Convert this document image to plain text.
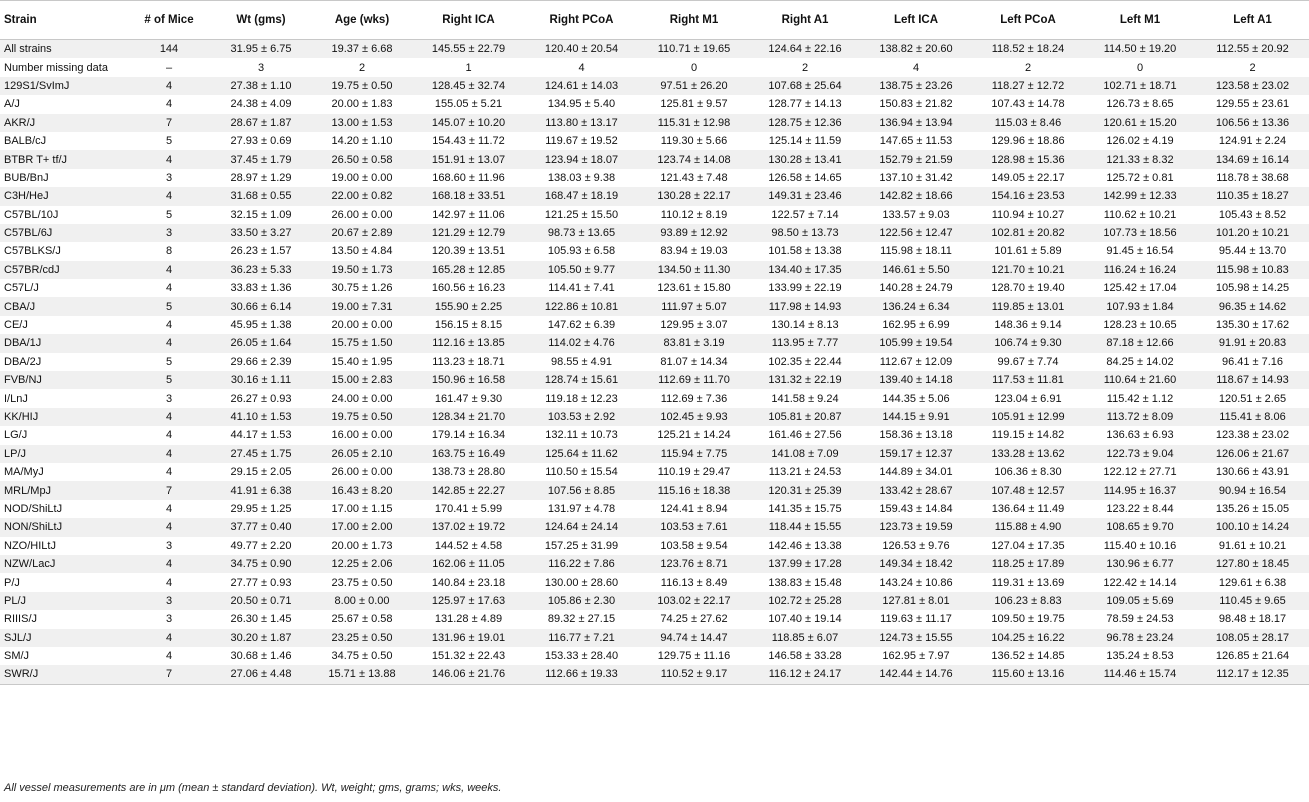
Strain	# of Mice	Wt (gms)	Age (wks)	Right ICA	Right PCoA	Right M1	Right A1	Left ICA	Left PCoA	Left M1	Left A1
All strains	144	31.95 ± 6.75	19.37 ± 6.68	145.55 ± 22.79	120.40 ± 20.54	110.71 ± 19.65	124.64 ± 22.16	138.82 ± 20.60	118.52 ± 18.24	114.50 ± 19.20	112.55 ± 20.92
Number missing data	–	3	2	1	4	0	2	4	2	0	2
129S1/SvImJ	4	27.38 ± 1.10	19.75 ± 0.50	128.45 ± 32.74	124.61 ± 14.03	97.51 ± 26.20	107.68 ± 25.64	138.75 ± 23.26	118.27 ± 12.72	102.71 ± 18.71	123.58 ± 23.02
A/J	4	24.38 ± 4.09	20.00 ± 1.83	155.05 ± 5.21	134.95 ± 5.40	125.81 ± 9.57	128.77 ± 14.13	150.83 ± 21.82	107.43 ± 14.78	126.73 ± 8.65	129.55 ± 23.61
AKR/J	7	28.67 ± 1.87	13.00 ± 1.53	145.07 ± 10.20	113.80 ± 13.17	115.31 ± 12.98	128.75 ± 12.36	136.94 ± 13.94	115.03 ± 8.46	120.61 ± 15.20	106.56 ± 13.36
BALB/cJ	5	27.93 ± 0.69	14.20 ± 1.10	154.43 ± 11.72	119.67 ± 19.52	119.30 ± 5.66	125.14 ± 11.59	147.65 ± 11.53	129.96 ± 18.86	126.02 ± 4.19	124.91 ± 2.24
BTBR T+ tf/J	4	37.45 ± 1.79	26.50 ± 0.58	151.91 ± 13.07	123.94 ± 18.07	123.74 ± 14.08	130.28 ± 13.41	152.79 ± 21.59	128.98 ± 15.36	121.33 ± 8.32	134.69 ± 16.14
BUB/BnJ	3	28.97 ± 1.29	19.00 ± 0.00	168.60 ± 11.96	138.03 ± 9.38	121.43 ± 7.48	126.58 ± 14.65	137.10 ± 31.42	149.05 ± 22.17	125.72 ± 0.81	118.78 ± 38.68
C3H/HeJ	4	31.68 ± 0.55	22.00 ± 0.82	168.18 ± 33.51	168.47 ± 18.19	130.28 ± 22.17	149.31 ± 23.46	142.82 ± 18.66	154.16 ± 23.53	142.99 ± 12.33	110.35 ± 18.27
C57BL/10J	5	32.15 ± 1.09	26.00 ± 0.00	142.97 ± 11.06	121.25 ± 15.50	110.12 ± 8.19	122.57 ± 7.14	133.57 ± 9.03	110.94 ± 10.27	110.62 ± 10.21	105.43 ± 8.52
C57BL/6J	3	33.50 ± 3.27	20.67 ± 2.89	121.29 ± 12.79	98.73 ± 13.65	93.89 ± 12.92	98.50 ± 13.73	122.56 ± 12.47	102.81 ± 20.82	107.73 ± 18.56	101.20 ± 10.21
C57BLKS/J	8	26.23 ± 1.57	13.50 ± 4.84	120.39 ± 13.51	105.93 ± 6.58	83.94 ± 19.03	101.58 ± 13.38	115.98 ± 18.11	101.61 ± 5.89	91.45 ± 16.54	95.44 ± 13.70
C57BR/cdJ	4	36.23 ± 5.33	19.50 ± 1.73	165.28 ± 12.85	105.50 ± 9.77	134.50 ± 11.30	134.40 ± 17.35	146.61 ± 5.50	121.70 ± 10.21	116.24 ± 16.24	115.98 ± 10.83
C57L/J	4	33.83 ± 1.36	30.75 ± 1.26	160.56 ± 16.23	114.41 ± 7.41	123.61 ± 15.80	133.99 ± 22.19	140.28 ± 24.79	128.70 ± 19.40	125.42 ± 17.04	105.98 ± 14.25
CBA/J	5	30.66 ± 6.14	19.00 ± 7.31	155.90 ± 2.25	122.86 ± 10.81	111.97 ± 5.07	117.98 ± 14.93	136.24 ± 6.34	119.85 ± 13.01	107.93 ± 1.84	96.35 ± 14.62
CE/J	4	45.95 ± 1.38	20.00 ± 0.00	156.15 ± 8.15	147.62 ± 6.39	129.95 ± 3.07	130.14 ± 8.13	162.95 ± 6.99	148.36 ± 9.14	128.23 ± 10.65	135.30 ± 17.62
DBA/1J	4	26.05 ± 1.64	15.75 ± 1.50	112.16 ± 13.85	114.02 ± 4.76	83.81 ± 3.19	113.95 ± 7.77	105.99 ± 19.54	106.74 ± 9.30	87.18 ± 12.66	91.91 ± 20.83
DBA/2J	5	29.66 ± 2.39	15.40 ± 1.95	113.23 ± 18.71	98.55 ± 4.91	81.07 ± 14.34	102.35 ± 22.44	112.67 ± 12.09	99.67 ± 7.74	84.25 ± 14.02	96.41 ± 7.16
FVB/NJ	5	30.16 ± 1.11	15.00 ± 2.83	150.96 ± 16.58	128.74 ± 15.61	112.69 ± 11.70	131.32 ± 22.19	139.40 ± 14.18	117.53 ± 11.81	110.64 ± 21.60	118.67 ± 14.93
I/LnJ	3	26.27 ± 0.93	24.00 ± 0.00	161.47 ± 9.30	119.18 ± 12.23	112.69 ± 7.36	141.58 ± 9.24	144.35 ± 5.06	123.04 ± 6.91	115.42 ± 1.12	120.51 ± 2.65
KK/HIJ	4	41.10 ± 1.53	19.75 ± 0.50	128.34 ± 21.70	103.53 ± 2.92	102.45 ± 9.93	105.81 ± 20.87	144.15 ± 9.91	105.91 ± 12.99	113.72 ± 8.09	115.41 ± 8.06
LG/J	4	44.17 ± 1.53	16.00 ± 0.00	179.14 ± 16.34	132.11 ± 10.73	125.21 ± 14.24	161.46 ± 27.56	158.36 ± 13.18	119.15 ± 14.82	136.63 ± 6.93	123.38 ± 23.02
LP/J	4	27.45 ± 1.75	26.05 ± 2.10	163.75 ± 16.49	125.64 ± 11.62	115.94 ± 7.75	141.08 ± 7.09	159.17 ± 12.37	133.28 ± 13.62	122.73 ± 9.04	126.06 ± 21.67
MA/MyJ	4	29.15 ± 2.05	26.00 ± 0.00	138.73 ± 28.80	110.50 ± 15.54	110.19 ± 29.47	113.21 ± 24.53	144.89 ± 34.01	106.36 ± 8.30	122.12 ± 27.71	130.66 ± 43.91
MRL/MpJ	7	41.91 ± 6.38	16.43 ± 8.20	142.85 ± 22.27	107.56 ± 8.85	115.16 ± 18.38	120.31 ± 25.39	133.42 ± 28.67	107.48 ± 12.57	114.95 ± 16.37	90.94 ± 16.54
NOD/ShiLtJ	4	29.95 ± 1.25	17.00 ± 1.15	170.41 ± 5.99	131.97 ± 4.78	124.41 ± 8.94	141.35 ± 15.75	159.43 ± 14.84	136.64 ± 11.49	123.22 ± 8.44	135.26 ± 15.05
NON/ShiLtJ	4	37.77 ± 0.40	17.00 ± 2.00	137.02 ± 19.72	124.64 ± 24.14	103.53 ± 7.61	118.44 ± 15.55	123.73 ± 19.59	115.88 ± 4.90	108.65 ± 9.70	100.10 ± 14.24
NZO/HILtJ	3	49.77 ± 2.20	20.00 ± 1.73	144.52 ± 4.58	157.25 ± 31.99	103.58 ± 9.54	142.46 ± 13.38	126.53 ± 9.76	127.04 ± 17.35	115.40 ± 10.16	91.61 ± 10.21
NZW/LacJ	4	34.75 ± 0.90	12.25 ± 2.06	162.06 ± 11.05	116.22 ± 7.86	123.76 ± 8.71	137.99 ± 17.28	149.34 ± 18.42	118.25 ± 17.89	130.96 ± 6.77	127.80 ± 18.45
P/J	4	27.77 ± 0.93	23.75 ± 0.50	140.84 ± 23.18	130.00 ± 28.60	116.13 ± 8.49	138.83 ± 15.48	143.24 ± 10.86	119.31 ± 13.69	122.42 ± 14.14	129.61 ± 6.38
PL/J	3	20.50 ± 0.71	8.00 ± 0.00	125.97 ± 17.63	105.86 ± 2.30	103.02 ± 22.17	102.72 ± 25.28	127.81 ± 8.01	106.23 ± 8.83	109.05 ± 5.69	110.45 ± 9.65
RIIIS/J	3	26.30 ± 1.45	25.67 ± 0.58	131.28 ± 4.89	89.32 ± 27.15	74.25 ± 27.62	107.40 ± 19.14	119.63 ± 11.17	109.50 ± 19.75	78.59 ± 24.53	98.48 ± 18.17
SJL/J	4	30.20 ± 1.87	23.25 ± 0.50	131.96 ± 19.01	116.77 ± 7.21	94.74 ± 14.47	118.85 ± 6.07	124.73 ± 15.55	104.25 ± 16.22	96.78 ± 23.24	108.05 ± 28.17
SM/J	4	30.68 ± 1.46	34.75 ± 0.50	151.32 ± 22.43	153.33 ± 28.40	129.75 ± 11.16	146.58 ± 33.28	162.95 ± 7.97	136.52 ± 14.85	135.24 ± 8.53	126.85 ± 21.64
SWR/J	7	27.06 ± 4.48	15.71 ± 13.88	146.06 ± 21.76	112.66 ± 19.33	110.52 ± 9.17	116.12 ± 24.17	142.44 ± 14.76	115.60 ± 13.16	114.46 ± 15.74	112.17 ± 12.35
All vessel measurements are in μm (mean ± standard deviation). Wt, weight; gms, grams; wks, weeks.
